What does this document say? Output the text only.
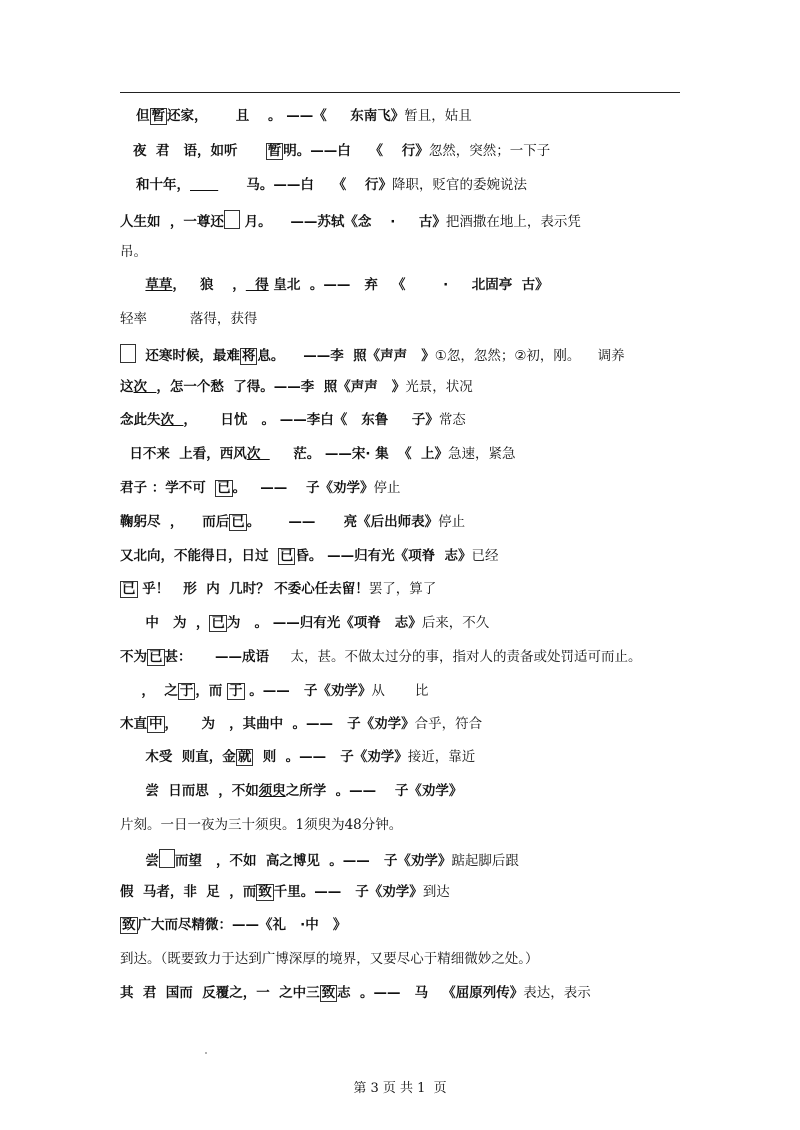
但 暂 还家，      且    。 ——《     东南飞》暂且，姑且
夜  君   语，如听      暂 明。——白    《    行》忽然，突然；一下子
和十年，            马。——白    《    行》降职，贬官的委婉说法
人生如  ，一尊还 月。    ——苏轼《念    ·     古》把酒撒在地上，表示凭
吊。
草草，   狼    ，  得 皇北  。——   弃   《        ·     北固亭  古》
轻率          落得，获得
还寒时候，最难 将 息。    ——李  照《声声   》①忽，忽然；②初，刚。    调养
这次  ，怎一个愁  了得。——李  照《声声   》光景，状况
念此失次  ，     日忧   。 ——李白《   东鲁     子》常态
日不来  上看，西风次       茫。 ——宋· 集  《  上》急速，紧急
君子 ：学不可  已 。   ——    子《劝学》停止
鞠躬尽  ，    而后 已 。      ——      亮《后出师表》停止
又北向，不能得日，日过  已 昏。 ——归有光《项脊  志》已经
已 乎！   形  内  几时？ 不委心任去留！罢了，算了
中   为  ， 已 为   。 ——归有光《项脊   志》后来，不久
不为 已 甚：     ——成语     太，甚。不做太过分的事，指对人的责备或处罚适可而止。
，  之 于 ，而 于 。——   子《劝学》从       比
木直 中 ，     为   ，其曲中  。——   子《劝学》合乎，符合
木受  则直，金 就  则  。——   子《劝学》接近，靠近
尝  日而思  ，不如须臾之所学  。——    子《劝学》
片刻。一日一夜为三十须臾。1须臾为48分钟。
尝 而望   ，不如  高之博见  。——   子《劝学》踮起脚后跟
假  马者，非  足  ，而 致 千里。——   子《劝学》到达
致 广大而尽精微：——《礼   ·中   》
到达。（既要致力于达到广博深厚的境界，又要尽心于精细微妙之处。）
其  君  国而  反覆之，一  之中三 致 志  。——   马   《屈原列传》表达，表示
第 3 页 共 1  页
